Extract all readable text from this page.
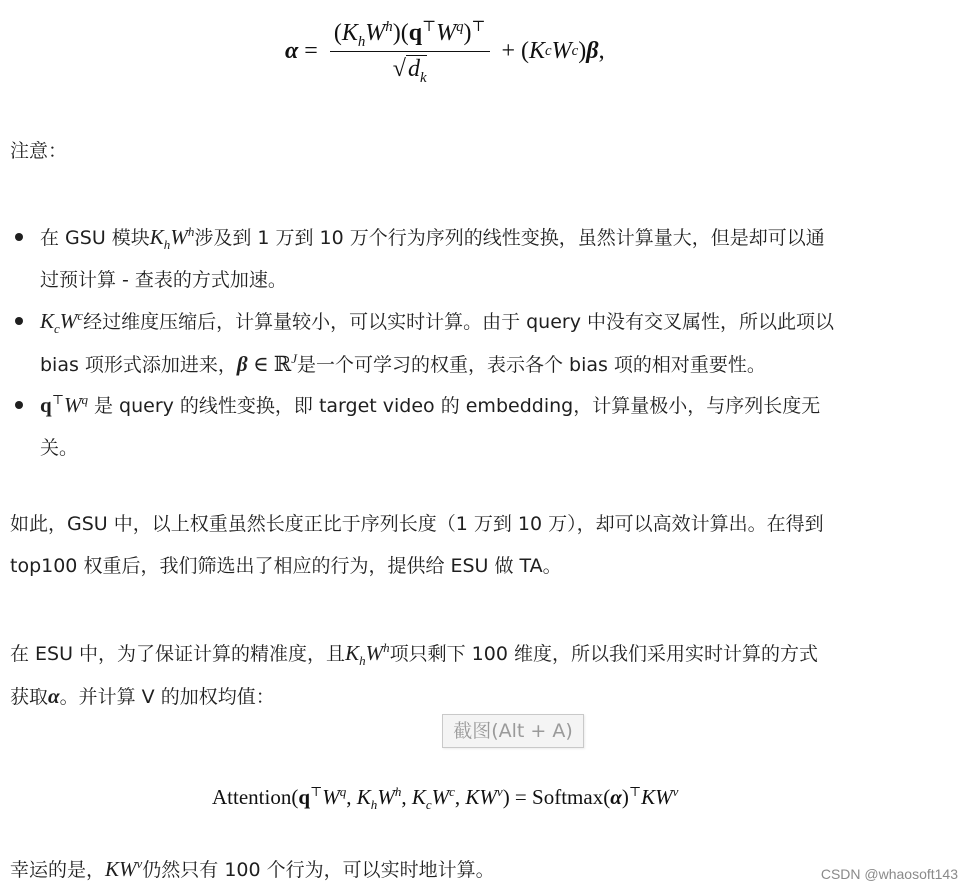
$\alpha = \frac{(K_hW^h)(q^⊤W^q)^⊤}{√d_k}$ + ( K c W c ) β ,
注意：
在 GSU 模块$K_hW^h$涉及到 1 万到 10 万个行为序列的线性变换，虽然计算量大，但是却可以通
过预计算 - 查表的方式加速。
$K_cW^c$经过维度压缩后，计算量较小，可以实时计算。由于 query 中没有交叉属性，所以此项以
bias 项形式添加进来，β ∈ ℝ$^J$是一个可学习的权重，表示各个 bias 项的相对重要性。
$q^⊤W^q$ 是 query 的线性变换，即 target video 的 embedding，计算量极小，与序列长度无
关。
如此，GSU 中，以上权重虽然长度正比于序列长度（1 万到 10 万），却可以高效计算出。在得到
top100 权重后，我们筛选出了相应的行为，提供给 ESU 做 TA。
在 ESU 中，为了保证计算的精准度，且$K_hW^h$项只剩下 100 维度，所以我们采用实时计算的方式
获取α。并计算 V 的加权均值：
截图(Alt + A)
$Attention(q^⊤W^q$, $K_hW^h$, $K_cW^c$, $KW^v$) = $Softmax(\alpha)^⊤KW^v$
幸运的是，$KW^v$仍然只有 100 个行为，可以实时地计算。	CSDN @whaosoft143
